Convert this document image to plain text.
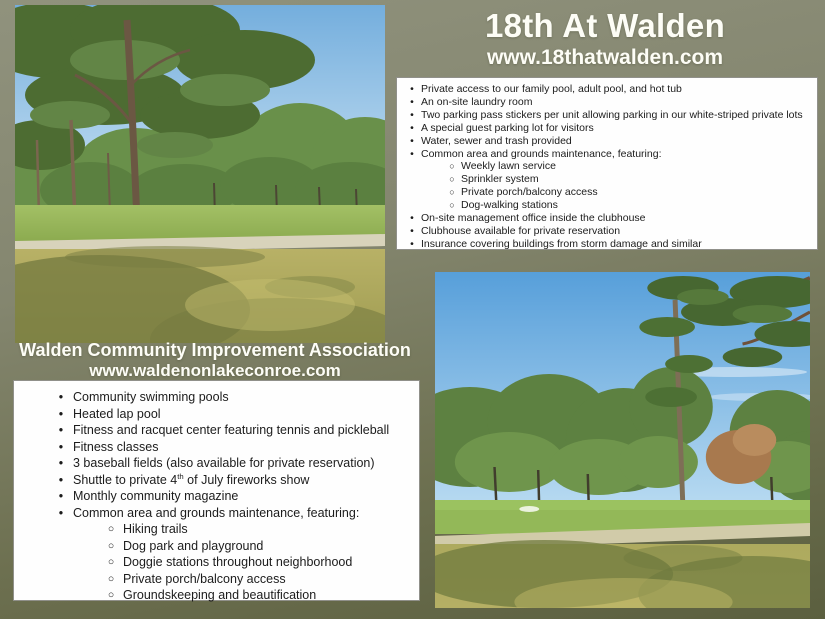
18th At Walden
www.18thatwalden.com
• Private access to our family pool, adult pool, and hot tub
• An on-site laundry room
• Two parking pass stickers per unit allowing parking in our white-striped private lots
• A special guest parking lot for visitors
• Water, sewer and trash provided
• Common area and grounds maintenance, featuring:
○ Weekly lawn service
○ Sprinkler system
○ Private porch/balcony access
○ Dog-walking stations
• On-site management office inside the clubhouse
• Clubhouse available for private reservation
• Insurance covering buildings from storm damage and similar
Walden Community Improvement Association
www.waldenonlakeconroe.com
• Community swimming pools
• Heated lap pool
• Fitness and racquet center featuring tennis and pickleball
• Fitness classes
• 3 baseball fields (also available for private reservation)
• Shuttle to private 4th of July fireworks show
• Monthly community magazine
• Common area and grounds maintenance, featuring:
○ Hiking trails
○ Dog park and playground
○ Doggie stations throughout neighborhood
○ Private porch/balcony access
○ Groundskeeping and beautification
